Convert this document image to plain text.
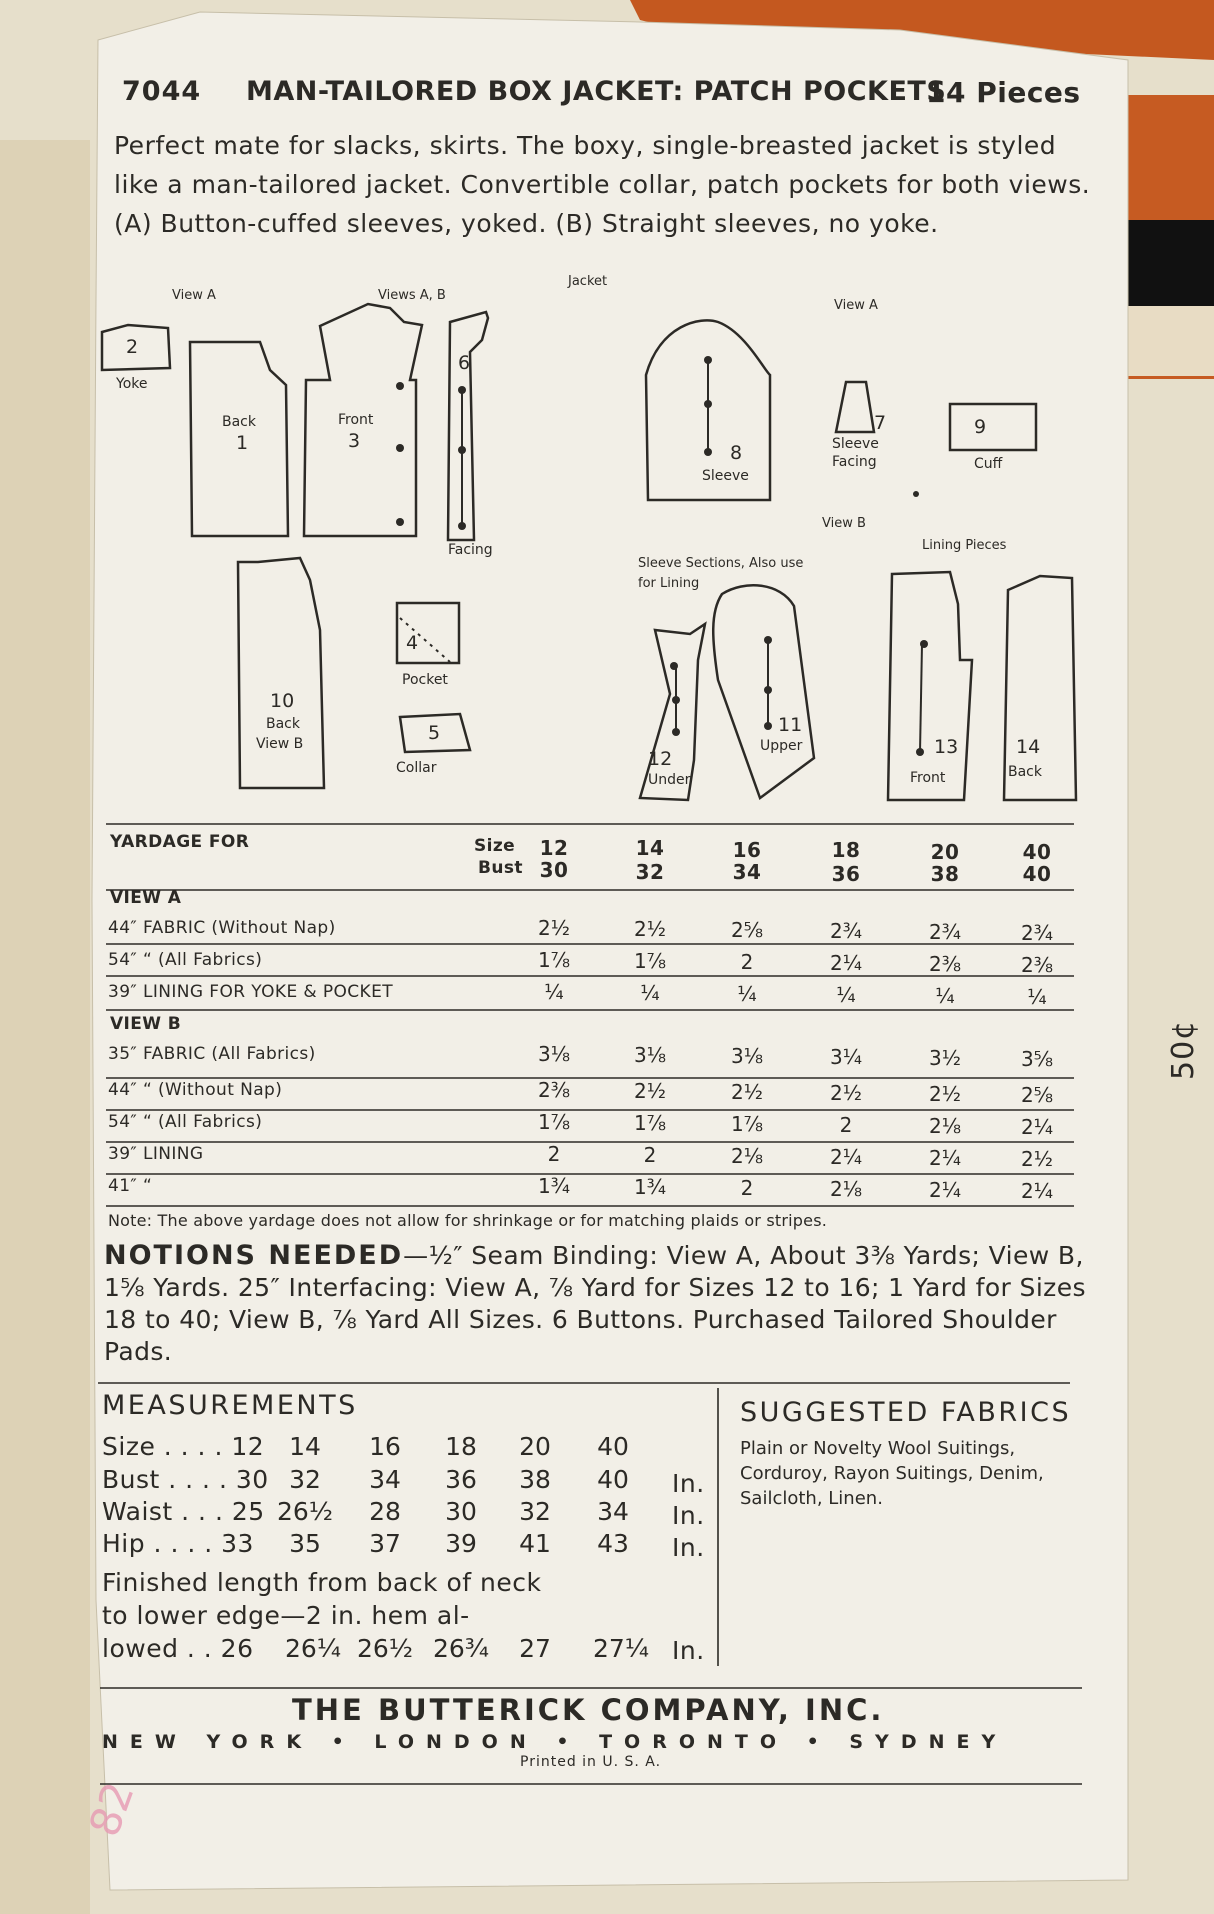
82
7044 MAN-TAILORED BOX JACKET: PATCH POCKETS
14 Pieces
Perfect mate for slacks, skirts. The boxy, single-breasted jacket is styled like a man-tailored jacket. Convertible collar, patch pockets for both views. (A) Button-cuffed sleeves, yoked. (B) Straight sleeves, no yoke.
View A	Views A, B
Jacket
View A
View B
Lining Pieces
Sleeve Sections, Also use
for Lining
2
Yoke
Back
1
Front
3
6
Facing
8
Sleeve
7
Sleeve
Facing
9
Cuff
10
Back
View B
4
Pocket
5
Collar	12
Under
11
Upper	13
Front
14
Back
YARDAGE FOR	Size
Bust
12	14	16	18	20	40
30	32	34	36	38	40
VIEW A
VIEW B
44″ FABRIC (Without Nap)	2½	2½	2⅝	2¾	2¾	2¾
54″ “ (All Fabrics)	1⅞	1⅞	2	2¼	2⅜	2⅜
39″ LINING FOR YOKE & POCKET	¼	¼	¼	¼	¼	¼
35″ FABRIC (All Fabrics)	3⅛	3⅛	3⅛	3¼	3½	3⅝
44″ “ (Without Nap)	2⅜	2½	2½	2½	2½	2⅝
54″ “ (All Fabrics)	1⅞	1⅞	1⅞	2	2⅛	2¼
39″ LINING	2	2	2⅛	2¼	2¼	2½
41″ “	1¾	1¾	2	2⅛	2¼	2¼
Note: The above yardage does not allow for shrinkage or for matching plaids or stripes.
NOTIONS NEEDED—½″ Seam Binding: View A, About 3⅜ Yards; View B, 1⅝ Yards. 25″ Interfacing: View A, ⅞ Yard for Sizes 12 to 16; 1 Yard for Sizes 18 to 40; View B, ⅞ Yard All Sizes. 6 Buttons. Purchased Tailored Shoulder Pads.
MEASUREMENTS
Size . . . . 12 14	16	18	20	40
Bust . . . . 30 32	34	36	38	40	In.
Waist . . . 25 26½	28	30	32	34	In.
Hip . . . . 33	35	37	39	41	43	In.
Finished length from back of neck
to lower edge—2 in. hem al-
lowed . . 26 26¼ 26½ 26¾	27	27¼ In.
SUGGESTED FABRICS
Plain or Novelty Wool Suitings, Corduroy, Rayon Suitings, Denim, Sailcloth, Linen.
THE BUTTERICK COMPANY, INC.
NEW YORK • LONDON • TORONTO • SYDNEY
Printed in U. S. A.
50¢
